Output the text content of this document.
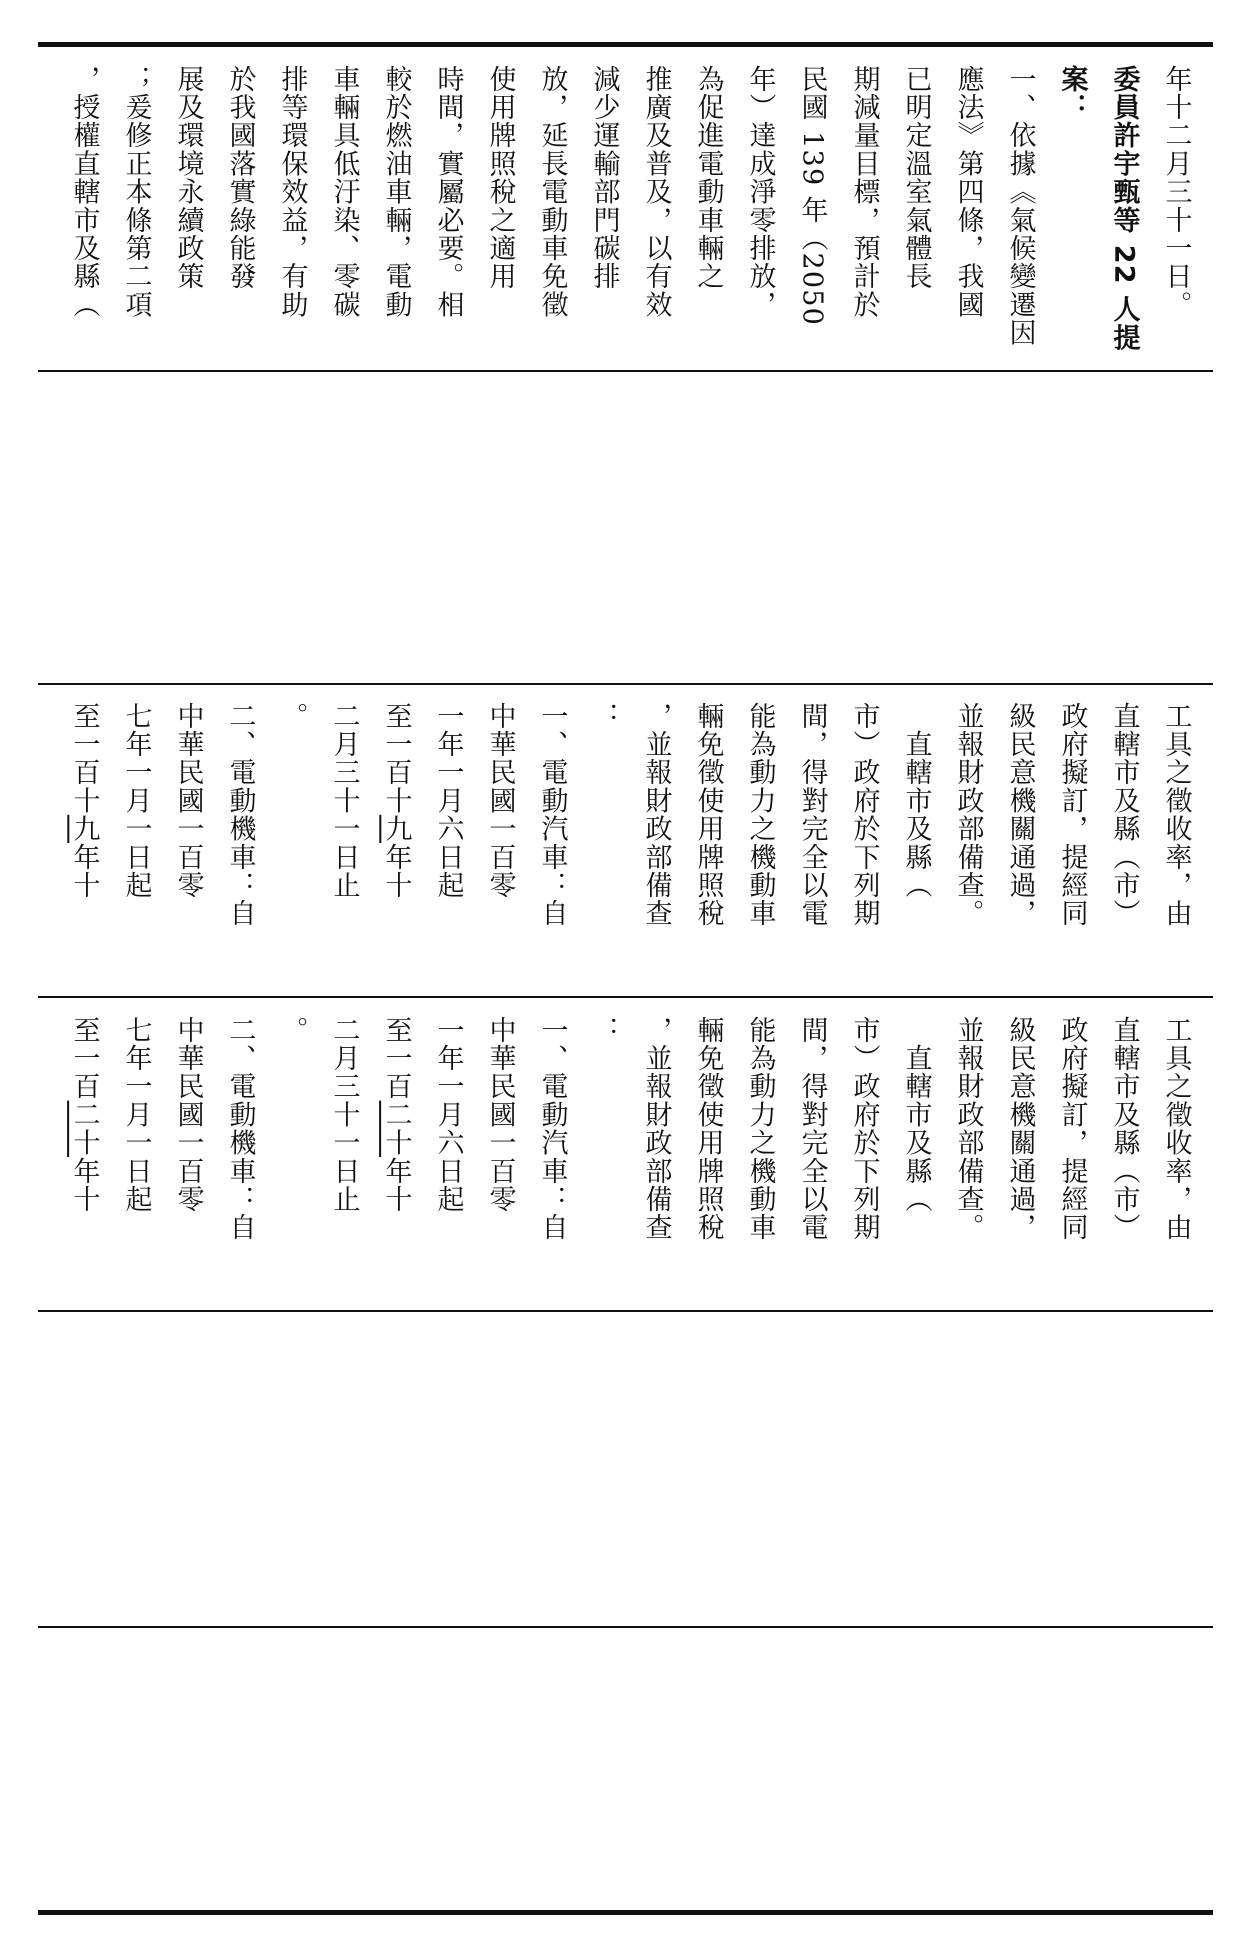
年十二月三十一日。
委員許宇甄等 22 人提
案：
一、依據《氣候變遷因
應法》第四條，我國
已明定溫室氣體長
期減量目標，預計於
民國 139 年（2050
年）達成淨零排放，
為促進電動車輛之
推廣及普及，以有效
減少運輸部門碳排
放，延長電動車免徵
使用牌照稅之適用
時間，實屬必要。相
較於燃油車輛，電動
車輛具低汙染、零碳
排等環保效益，有助
於我國落實綠能發
展及環境永續政策
；爰修正本條第二項
，授權直轄市及縣（
工具之徵收率，由
直轄市及縣（市）
政府擬訂，提經同
級民意機關通過，
並報財政部備查。
　直轄市及縣（
市）政府於下列期
間，得對完全以電
能為動力之機動車
輛免徵使用牌照稅
，並報財政部備查
：
一、電動汽車：自
中華民國一百零
一年一月六日起
至一百十九年十
二月三十一日止
。
二、電動機車：自
中華民國一百零
七年一月一日起
至一百十九年十
工具之徵收率，由
直轄市及縣（市）
政府擬訂，提經同
級民意機關通過，
並報財政部備查。
　直轄市及縣（
市）政府於下列期
間，得對完全以電
能為動力之機動車
輛免徵使用牌照稅
，並報財政部備查
：
一、電動汽車：自
中華民國一百零
一年一月六日起
至一百二十年十
二月三十一日止
。
二、電動機車：自
中華民國一百零
七年一月一日起
至一百二十年十
